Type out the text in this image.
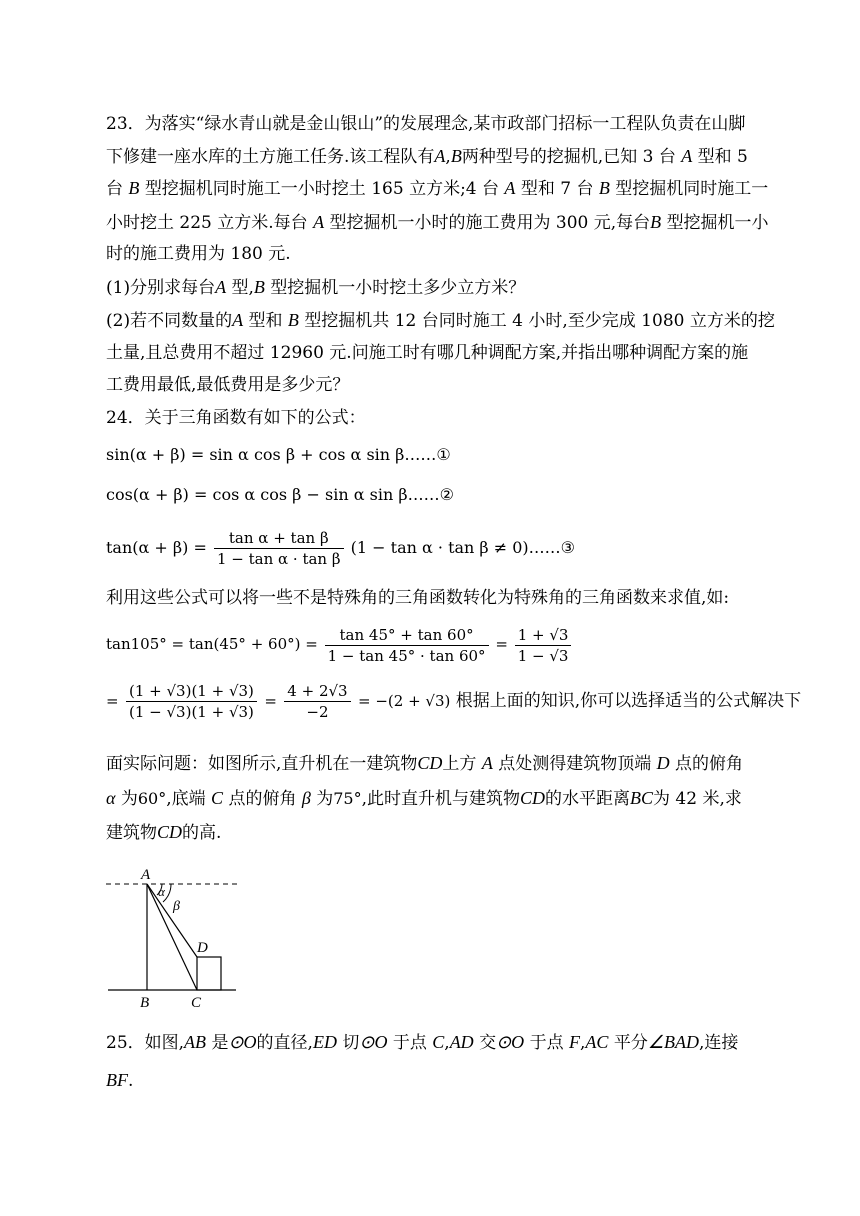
23．为落实“绿水青山就是金山银山”的发展理念,某市政部门招标一工程队负责在山脚
下修建一座水库的土方施工任务.该工程队有A,B两种型号的挖掘机,已知 3 台 A 型和 5
台 B 型挖掘机同时施工一小时挖土 165 立方米;4 台 A 型和 7 台 B 型挖掘机同时施工一
小时挖土 225 立方米.每台 A 型挖掘机一小时的施工费用为 300 元,每台B 型挖掘机一小
时的施工费用为 180 元.
(1)分别求每台A 型,B 型挖掘机一小时挖土多少立方米？
(2)若不同数量的A 型和 B 型挖掘机共 12 台同时施工 4 小时,至少完成 1080 立方米的挖
土量,且总费用不超过 12960 元.问施工时有哪几种调配方案,并指出哪种调配方案的施
工费用最低,最低费用是多少元？
24．关于三角函数有如下的公式：
sin(α + β) = sin α cos β + cos α sin β……①
cos(α + β) = cos α cos β − sin α sin β……②
$\tan(\alpha + \beta) = \frac{\text{tan α + tan β}}{\text{1 − tan α · tan β}} (1 - \tan \alpha \cdot \tan \beta$ ≠ 0)……③
利用这些公式可以将一些不是特殊角的三角函数转化为特殊角的三角函数来求值,如:
$\tan 105^\circ = \tan(45^\circ + 60^\circ) = \frac{\tan 45^\circ + \tan 60^\circ}{1 - \tan 45^\circ \cdot \tan 60^\circ} = \frac{1 + √3}{1 - √3}$
= $\frac{(1 + √3)(1 + √3)}{(1 - √3)(1 + √3)} = \frac{4 + 2√3}{-2} = -(2 + √3)$ 根据上面的知识,你可以选择适当的公式解决下
面实际问题：如图所示,直升机在一建筑物CD上方 A 点处测得建筑物顶端 D 点的俯角
α 为60°,底端 C 点的俯角 β 为75°,此时直升机与建筑物CD的水平距离BC为 42 米,求
建筑物CD的高.
A
α
β
D
B	C
25．如图,AB 是⊙O的直径,ED 切⊙O 于点 C,AD 交⊙O 于点 F,AC 平分∠BAD,连接
BF.
